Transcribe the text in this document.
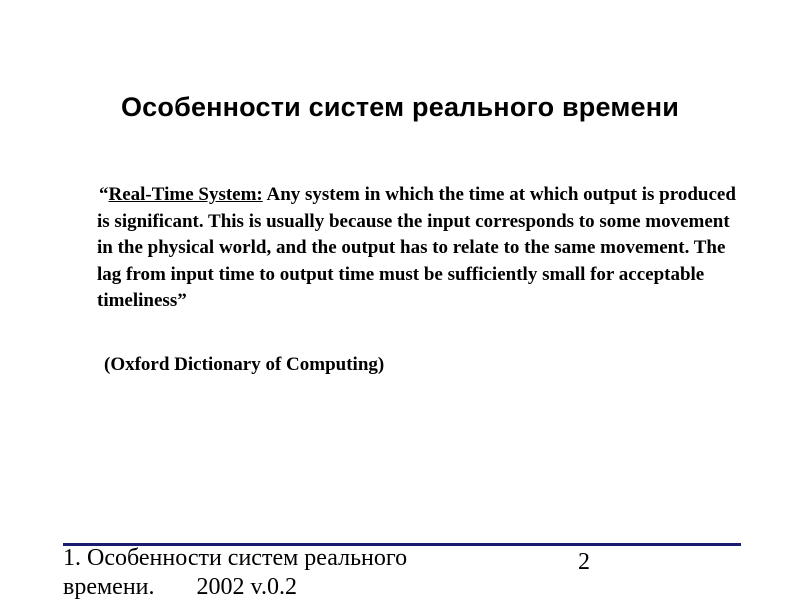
Особенности систем реального времени

“Real-Time System: Any system in which the time at which output is produced is significant. This is usually because the input corresponds to some movement in the physical world, and the output has to relate to the same movement. The lag from input time to output time must be sufficiently small for acceptable timeliness”

(Oxford Dictionary of Computing)

1. Особенности систем реального времени. 2002 v.0.2

2
